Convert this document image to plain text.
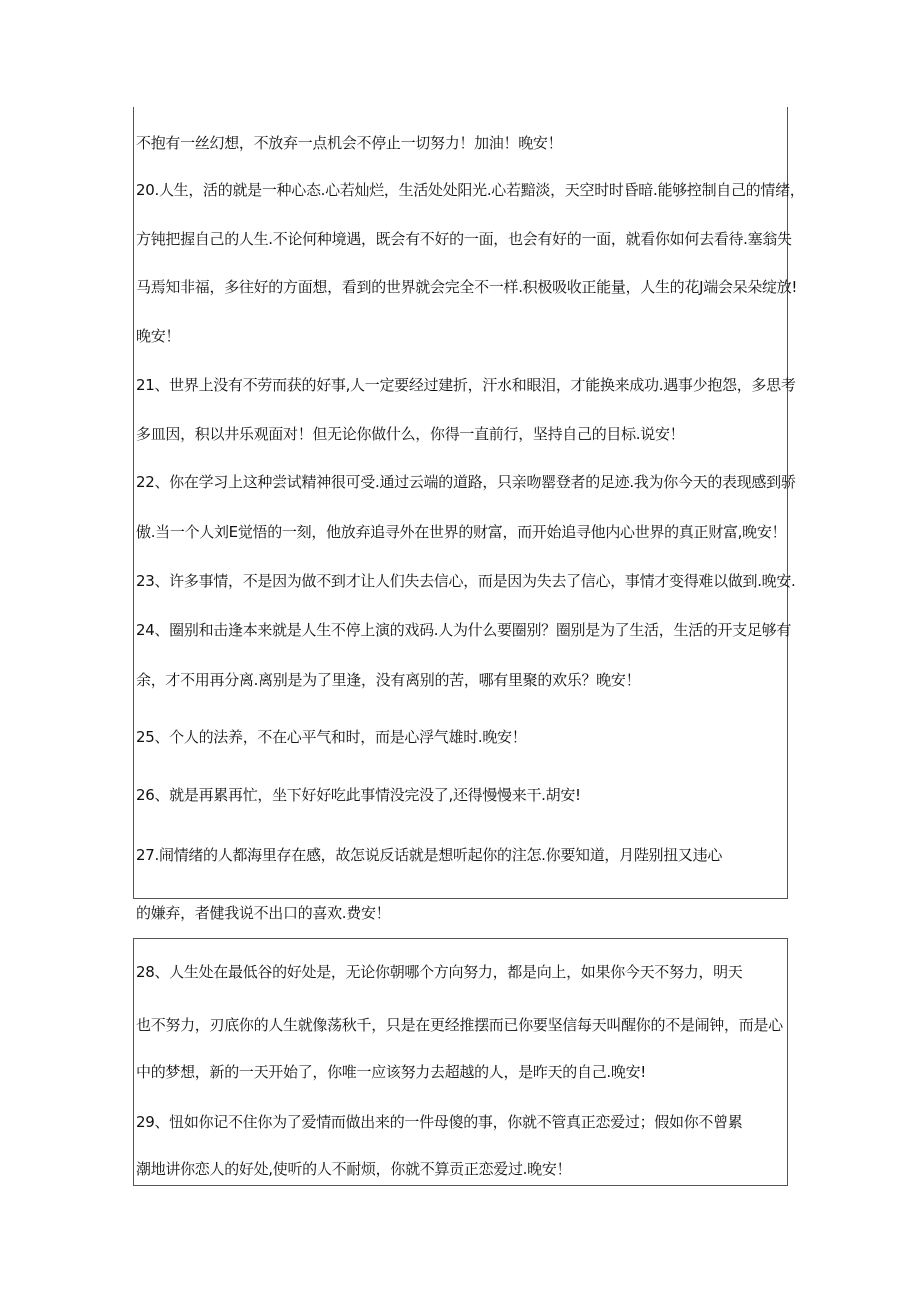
不抱有一丝幻想，不放弃一点机会不停止一切努力！加油！晚安！
20.人生，活的就是一种心态.心若灿烂，生活处处阳光.心若黯淡，天空时时昏暗.能够控制自己的情绪，
方钝把握自己的人生.不论何种境遇，既会有不好的一面，也会有好的一面，就看你如何去看待.塞翁失
马焉知非福，多往好的方面想，看到的世界就会完全不一样.积极吸收正能量，人生的花J端会呆朵绽放!
晚安！
21、世界上没有不劳而获的好事,人一定要经过建折，汗水和眼泪，才能换来成功.遇事少抱怨，多思考
多皿因，积以井乐观面对！但无论你做什么，你得一直前行，坚持自己的目标.说安！
22、你在学习上这种尝试精神很可受.通过云端的道路，只亲吻罂登者的足迹.我为你今天的表现感到骄
傲.当一个人刘E觉悟的一刻，他放弃追寻外在世界的财富，而开始追寻他内心世界的真正财富,晚安！
23、许多事情，不是因为做不到才让人们失去信心，而是因为失去了信心，事情才变得难以做到.晚安.
24、圈别和击逢本来就是人生不停上演的戏码.人为什么要圈别？圈别是为了生活，生活的开支足够有
余，才不用再分离.离别是为了里逢，没有离别的苦，哪有里聚的欢乐？晚安！
25、个人的法养，不在心平气和时，而是心浮气雄时.晚安！
26、就是再累再忙，坐下好好吃此事情没完没了,还得慢慢来干.胡安!
27.闹情绪的人都海里存在感，故怎说反话就是想听起你的注怎.你要知道，月陛别扭又违心
的嫌弃，者健我说不出口的喜欢.费安！
28、人生处在最低谷的好处是，无论你朝哪个方向努力，都是向上，如果你今天不努力，明天
也不努力，刃底你的人生就像荡秋千，只是在更经推摆而已你要坚信每天叫醒你的不是闹钟，而是心
中的梦想，新的一天开始了，你唯一应该努力去超越的人，是昨天的自己.晚安!
29、忸如你记不住你为了爱情而做出来的一件母傻的事，你就不管真正恋爱过；假如你不曾累
潮地讲你恋人的好处,使听的人不耐烦，你就不算贡正恋爱过.晚安！
